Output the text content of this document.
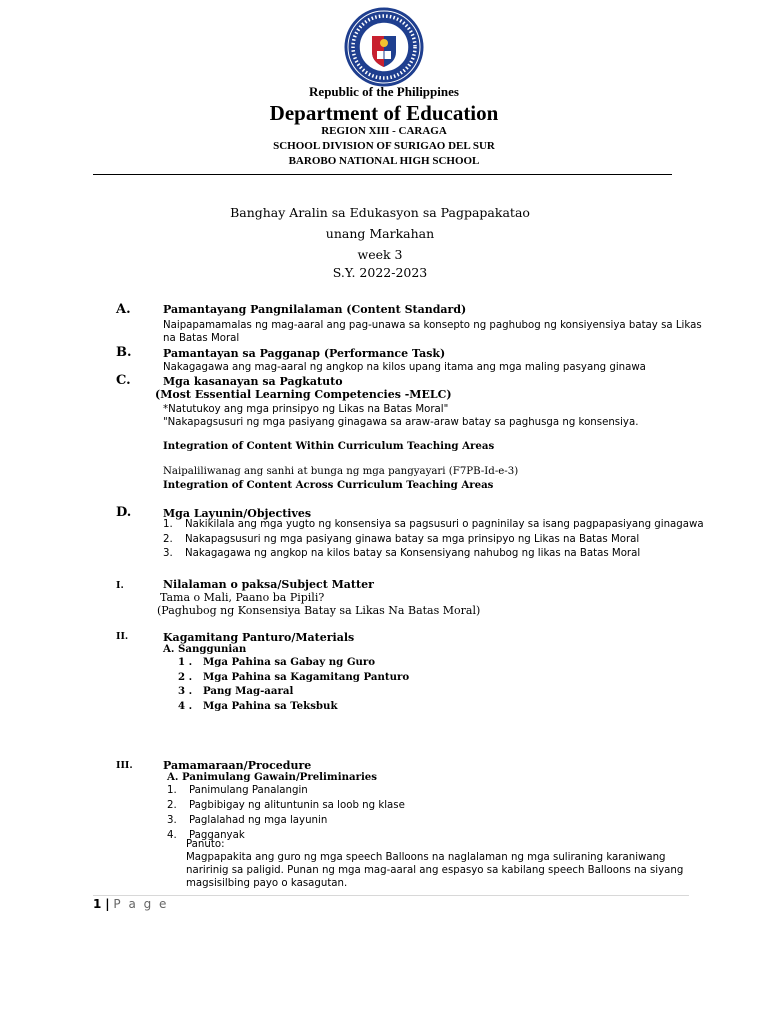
Republic of the Philippines
Department of Education
REGION XIII - CARAGA
SCHOOL DIVISION OF SURIGAO DEL SUR
BAROBO NATIONAL HIGH SCHOOL
Banghay Aralin sa Edukasyon sa Pagpapakatao
unang Markahan
week 3
S.Y. 2022-2023
A.	Pamantayang Pangnilalaman (Content Standard)
Naipapamamalas ng mag-aaral ang pag-unawa sa konsepto ng paghubog ng konsiyensiya batay sa Likas
na Batas Moral
B.	Pamantayan sa Pagganap (Performance Task)
Nakagagawa ang mag-aaral ng angkop na kilos upang itama ang mga maling pasyang ginawa
C.	Mga kasanayan sa Pagkatuto
(Most Essential Learning Competencies -MELC)
*Natutukoy ang mga prinsipyo ng Likas na Batas Moral"
"Nakapagsusuri ng mga pasiyang ginagawa sa araw-araw batay sa paghusga ng konsensiya.
Integration of Content Within Curriculum Teaching Areas
Naipaliliwanag ang sanhi at bunga ng mga pangyayari (F7PB-Id-e-3)
Integration of Content Across Curriculum Teaching Areas
D.	Mga Layunin/Objectives
1. Nakikilala ang mga yugto ng konsensiya sa pagsusuri o pagninilay sa isang pagpapasiyang ginagawa
2. Nakapagsusuri ng mga pasiyang ginawa batay sa mga prinsipyo ng Likas na Batas Moral
3. Nakagagawa ng angkop na kilos batay sa Konsensiyang nahubog ng likas na Batas Moral
I.	Nilalaman o paksa/Subject Matter
Tama o Mali, Paano ba Pipili?
(Paghubog ng Konsensiya Batay sa Likas Na Batas Moral)
II.	Kagamitang Panturo/Materials
A. Sanggunian
1 . Mga Pahina sa Gabay ng Guro
2 . Mga Pahina sa Kagamitang Panturo
3 . Pang Mag-aaral
4 . Mga Pahina sa Teksbuk
III.	Pamamaraan/Procedure
A. Panimulang Gawain/Preliminaries
1. Panimulang Panalangin
2. Pagbibigay ng alituntunin sa loob ng klase
3. Paglalahad ng mga layunin
4. Pagganyak
Panuto:
Magpapakita ang guro ng mga speech Balloons na naglalaman ng mga suliraning karaniwang
naririnig sa paligid. Punan ng mga mag-aaral ang espasyo sa kabilang speech Balloons na siyang
magsisilbing payo o kasagutan.
1 | P a g e
